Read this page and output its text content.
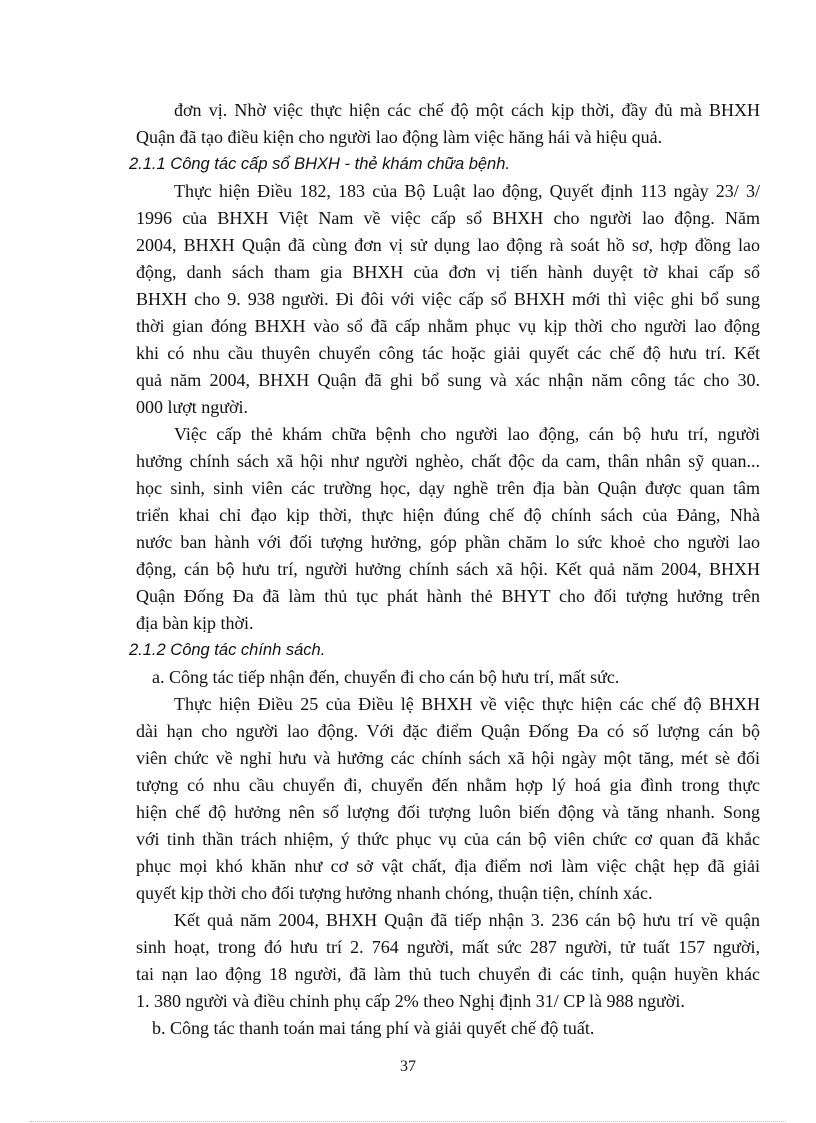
đơn vị. Nhờ việc thực hiện các chế độ một cách kịp thời, đầy đủ mà BHXH
Quận đã tạo điều kiện cho người lao động làm việc hăng hái và hiệu quả.
2.1.1 Công tác cấp sổ BHXH - thẻ khám chữa bệnh.
Thực hiện Điều 182, 183 của Bộ Luật lao động, Quyết định 113 ngày 23/ 3/
1996 của BHXH Việt Nam về việc cấp sổ BHXH cho người lao động. Năm
2004, BHXH Quận đã cùng đơn vị sử dụng lao động rà soát hồ sơ, hợp đồng lao
động, danh sách tham gia BHXH của đơn vị tiến hành duyệt tờ khai cấp sổ
BHXH cho 9. 938 người. Đi đôi với việc cấp sổ BHXH mới thì việc ghi bổ sung
thời gian đóng BHXH vào sổ đã cấp nhằm phục vụ kịp thời cho người lao động
khi có nhu cầu thuyên chuyển công tác hoặc giải quyết các chế độ hưu trí. Kết
quả năm 2004, BHXH Quận đã ghi bổ sung và xác nhận năm công tác cho 30.
000 lượt người.
Việc cấp thẻ khám chữa bệnh cho người lao động, cán bộ hưu trí, người
hưởng chính sách xã hội như người nghèo, chất độc da cam, thân nhân sỹ quan...
học sinh, sinh viên các trường học, dạy nghề trên địa bàn Quận được quan tâm
triển khai chỉ đạo kịp thời, thực hiện đúng chế độ chính sách của Đảng, Nhà
nước ban hành với đối tượng hưởng, góp phần chăm lo sức khoẻ cho người lao
động, cán bộ hưu trí, người hưởng chính sách xã hội. Kết quả năm 2004, BHXH
Quận Đống Đa đã làm thủ tục phát hành thẻ BHYT cho đối tượng hưởng trên
địa bàn kịp thời.
2.1.2 Công tác chính sách.
a. Công tác tiếp nhận đến, chuyển đi cho cán bộ hưu trí, mất sức.
Thực hiện Điều 25 của Điều lệ BHXH về việc thực hiện các chế độ BHXH
dài hạn cho người lao động. Với đặc điểm Quận Đống Đa có số lượng cán bộ
viên chức về nghỉ hưu và hưởng các chính sách xã hội ngày một tăng, mét sè đối
tượng có nhu cầu chuyển đi, chuyển đến nhằm hợp lý hoá gia đình trong thực
hiện chế độ hưởng nên số lượng đối tượng luôn biến động và tăng nhanh. Song
với tinh thần trách nhiệm, ý thức phục vụ của cán bộ viên chức cơ quan đã khắc
phục mọi khó khăn như cơ sở vật chất, địa điểm nơi làm việc chật hẹp đã giải
quyết kịp thời cho đối tượng hưởng nhanh chóng, thuận tiện, chính xác.
Kết quả năm 2004, BHXH Quận đã tiếp nhận 3. 236 cán bộ hưu trí về quận
sinh hoạt, trong đó hưu trí 2. 764 người, mất sức 287 người, tử tuất 157 người,
tai nạn lao động 18 người, đã làm thủ tuch chuyển đi các tỉnh, quận huyền khác
1. 380 người và điều chỉnh phụ cấp 2% theo Nghị định 31/ CP là 988 người.
b. Công tác thanh toán mai táng phí và giải quyết chế độ tuất.
37
